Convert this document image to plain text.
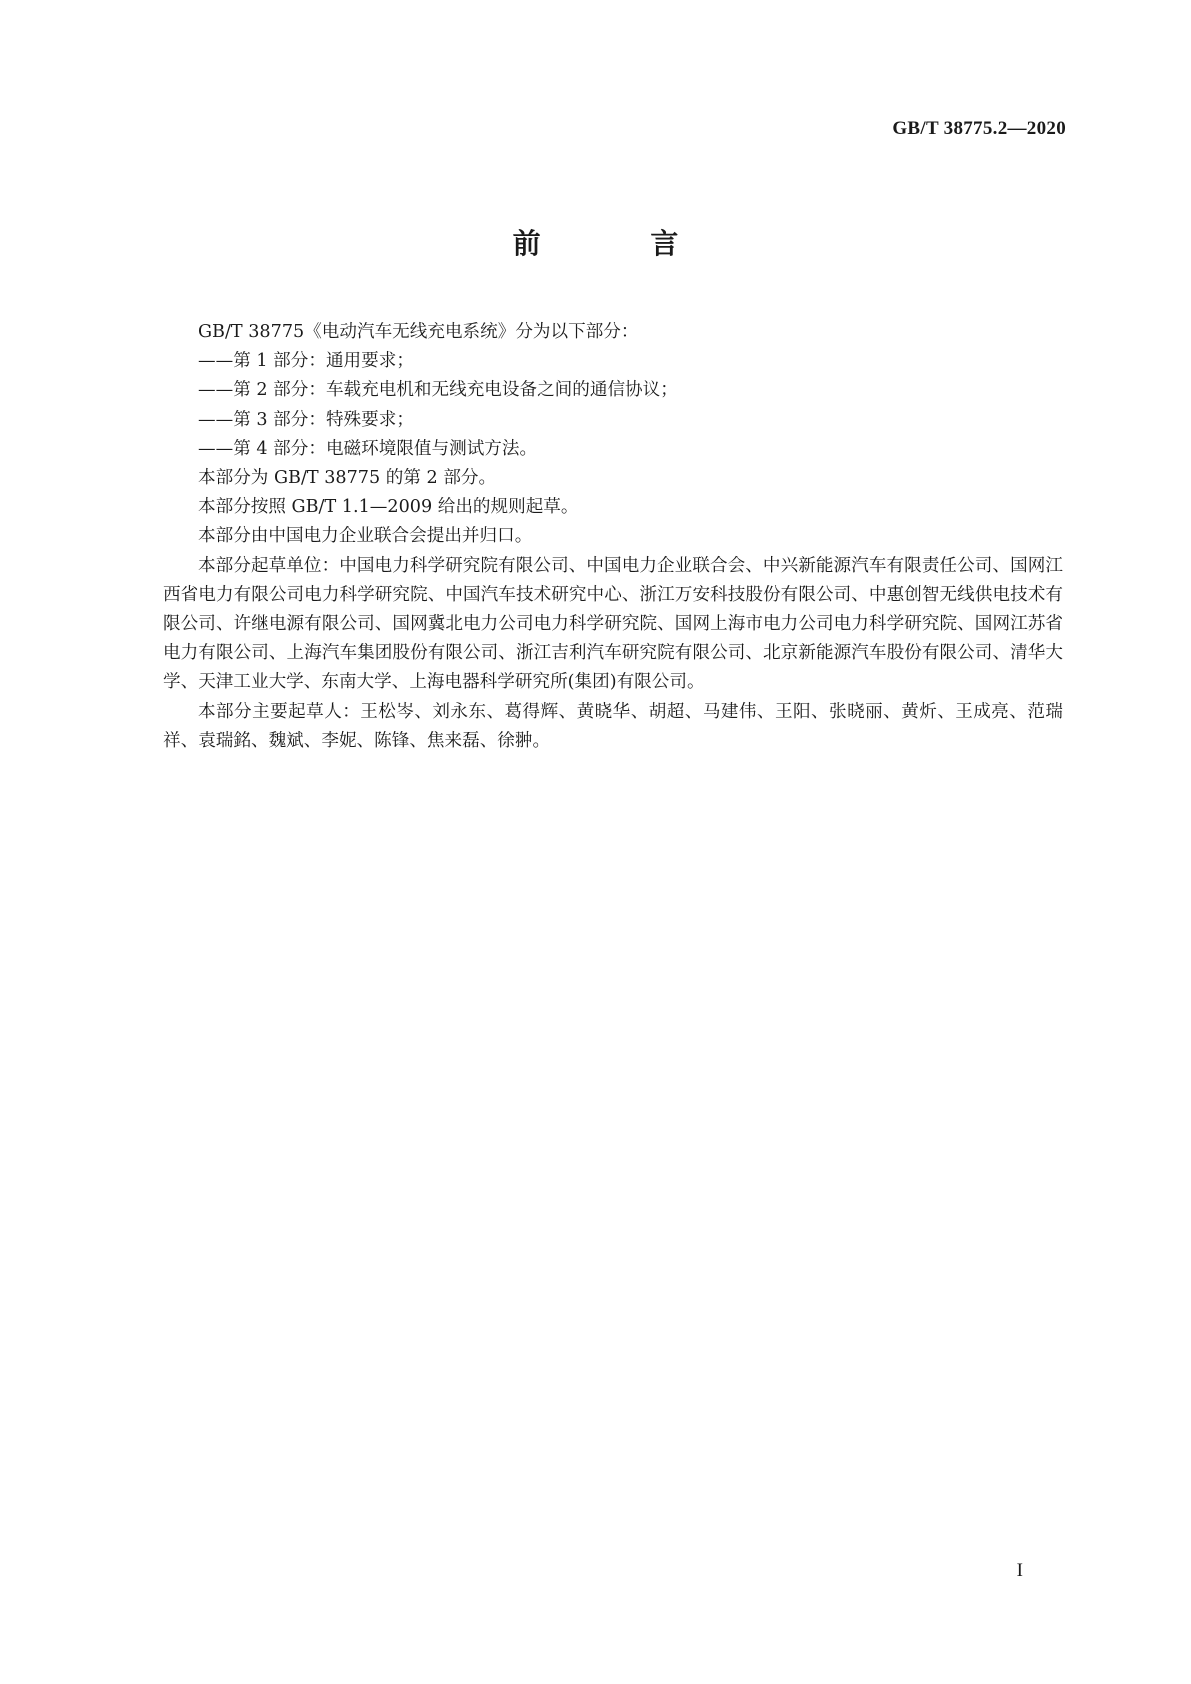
GB/T 38775.2—2020

前 言

GB/T 38775《电动汽车无线充电系统》分为以下部分：

——第 1 部分：通用要求；

——第 2 部分：车载充电机和无线充电设备之间的通信协议；

——第 3 部分：特殊要求；

——第 4 部分：电磁环境限值与测试方法。

本部分为 GB/T 38775 的第 2 部分。

本部分按照 GB/T 1.1—2009 给出的规则起草。

本部分由中国电力企业联合会提出并归口。

本部分起草单位：中国电力科学研究院有限公司、中国电力企业联合会、中兴新能源汽车有限责任公司、国网江西省电力有限公司电力科学研究院、中国汽车技术研究中心、浙江万安科技股份有限公司、中惠创智无线供电技术有限公司、许继电源有限公司、国网冀北电力公司电力科学研究院、国网上海市电力公司电力科学研究院、国网江苏省电力有限公司、上海汽车集团股份有限公司、浙江吉利汽车研究院有限公司、北京新能源汽车股份有限公司、清华大学、天津工业大学、东南大学、上海电器科学研究所(集团)有限公司。

本部分主要起草人：王松岑、刘永东、葛得辉、黄晓华、胡超、马建伟、王阳、张晓丽、黄炘、王成亮、范瑞祥、袁瑞銘、魏斌、李妮、陈锋、焦来磊、徐翀。

I
